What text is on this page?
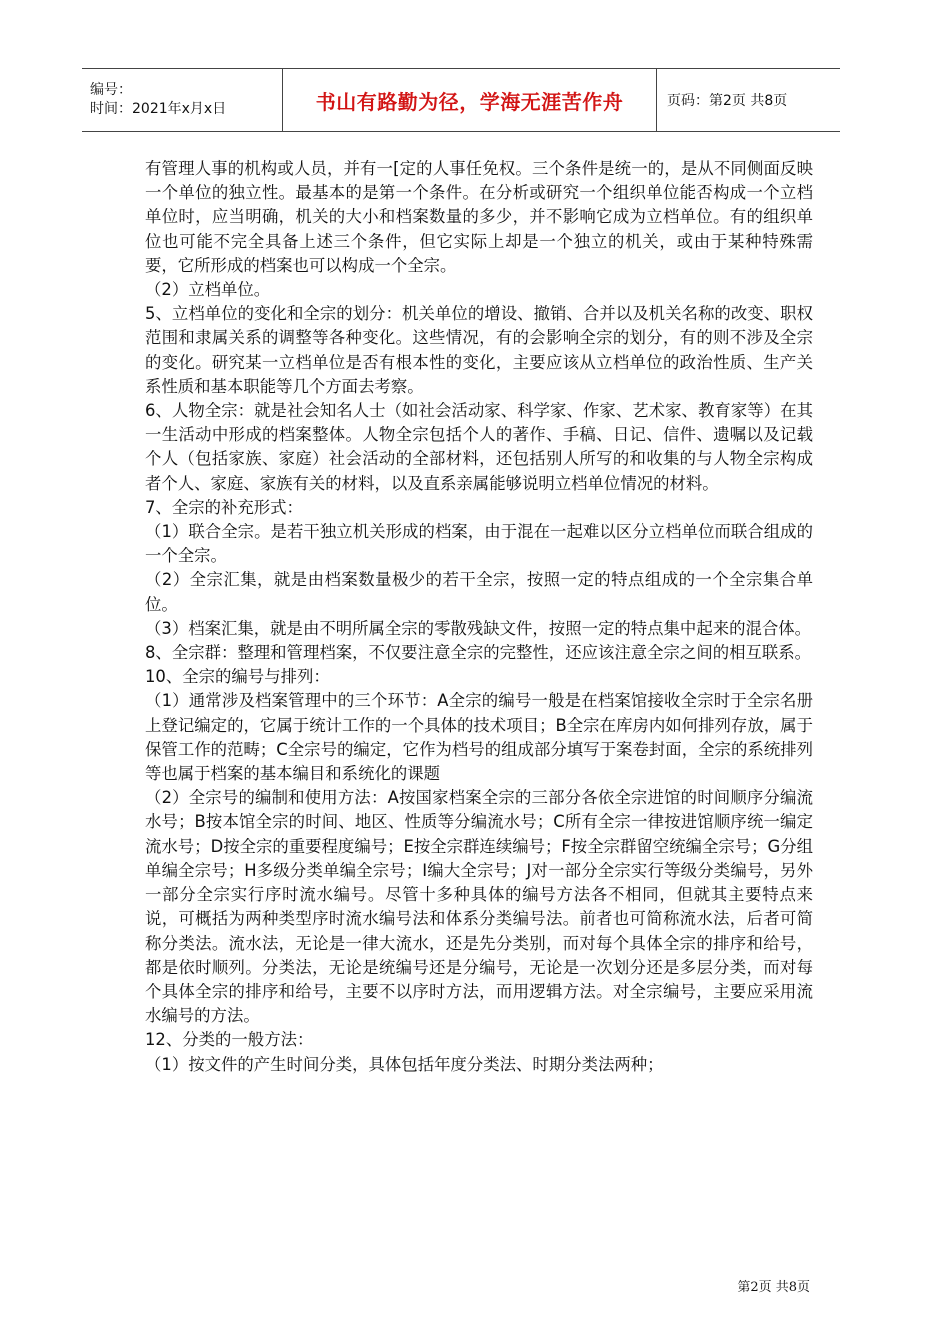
编号：
时间：2021年x月x日	书山有路勤为径，学海无涯苦作舟	页码：第2页 共8页

有管理人事的机构或人员，并有一[定的人事任免权。三个条件是统一的，是从不同侧面反映一个单位的独立性。最基本的是第一个条件。在分析或研究一个组织单位能否构成一个立档单位时，应当明确，机关的大小和档案数量的多少，并不影响它成为立档单位。有的组织单位也可能不完全具备上述三个条件，但它实际上却是一个独立的机关，或由于某种特殊需要，它所形成的档案也可以构成一个全宗。

（2）立档单位。

5、立档单位的变化和全宗的划分：机关单位的增设、撤销、合并以及机关名称的改变、职权范围和隶属关系的调整等各种变化。这些情况，有的会影响全宗的划分，有的则不涉及全宗的变化。研究某一立档单位是否有根本性的变化，主要应该从立档单位的政治性质、生产关系性质和基本职能等几个方面去考察。

6、人物全宗：就是社会知名人士（如社会活动家、科学家、作家、艺术家、教育家等）在其一生活动中形成的档案整体。人物全宗包括个人的著作、手稿、日记、信件、遗嘱以及记载个人（包括家族、家庭）社会活动的全部材料，还包括别人所写的和收集的与人物全宗构成者个人、家庭、家族有关的材料，以及直系亲属能够说明立档单位情况的材料。

7、全宗的补充形式：

（1）联合全宗。是若干独立机关形成的档案，由于混在一起难以区分立档单位而联合组成的一个全宗。

（2）全宗汇集，就是由档案数量极少的若干全宗，按照一定的特点组成的一个全宗集合单位。

（3）档案汇集，就是由不明所属全宗的零散残缺文件，按照一定的特点集中起来的混合体。

8、全宗群：整理和管理档案，不仅要注意全宗的完整性，还应该注意全宗之间的相互联系。

10、全宗的编号与排列：

（1）通常涉及档案管理中的三个环节：A全宗的编号一般是在档案馆接收全宗时于全宗名册上登记编定的，它属于统计工作的一个具体的技术项目；B全宗在库房内如何排列存放，属于保管工作的范畴；C全宗号的编定，它作为档号的组成部分填写于案卷封面，全宗的系统排列等也属于档案的基本编目和系统化的课题

（2）全宗号的编制和使用方法：A按国家档案全宗的三部分各依全宗进馆的时间顺序分编流水号；B按本馆全宗的时间、地区、性质等分编流水号；C所有全宗一律按进馆顺序统一编定流水号；D按全宗的重要程度编号；E按全宗群连续编号；F按全宗群留空统编全宗号；G分组单编全宗号；H多级分类单编全宗号；I编大全宗号；J对一部分全宗实行等级分类编号，另外一部分全宗实行序时流水编号。尽管十多种具体的编号方法各不相同，但就其主要特点来说，可概括为两种类型序时流水编号法和体系分类编号法。前者也可简称流水法，后者可简称分类法。流水法，无论是一律大流水，还是先分类别，而对每个具体全宗的排序和给号，都是依时顺列。分类法，无论是统编号还是分编号，无论是一次划分还是多层分类，而对每个具体全宗的排序和给号，主要不以序时方法，而用逻辑方法。对全宗编号，主要应采用流水编号的方法。

12、分类的一般方法：

（1）按文件的产生时间分类，具体包括年度分类法、时期分类法两种；

第2页 共8页
